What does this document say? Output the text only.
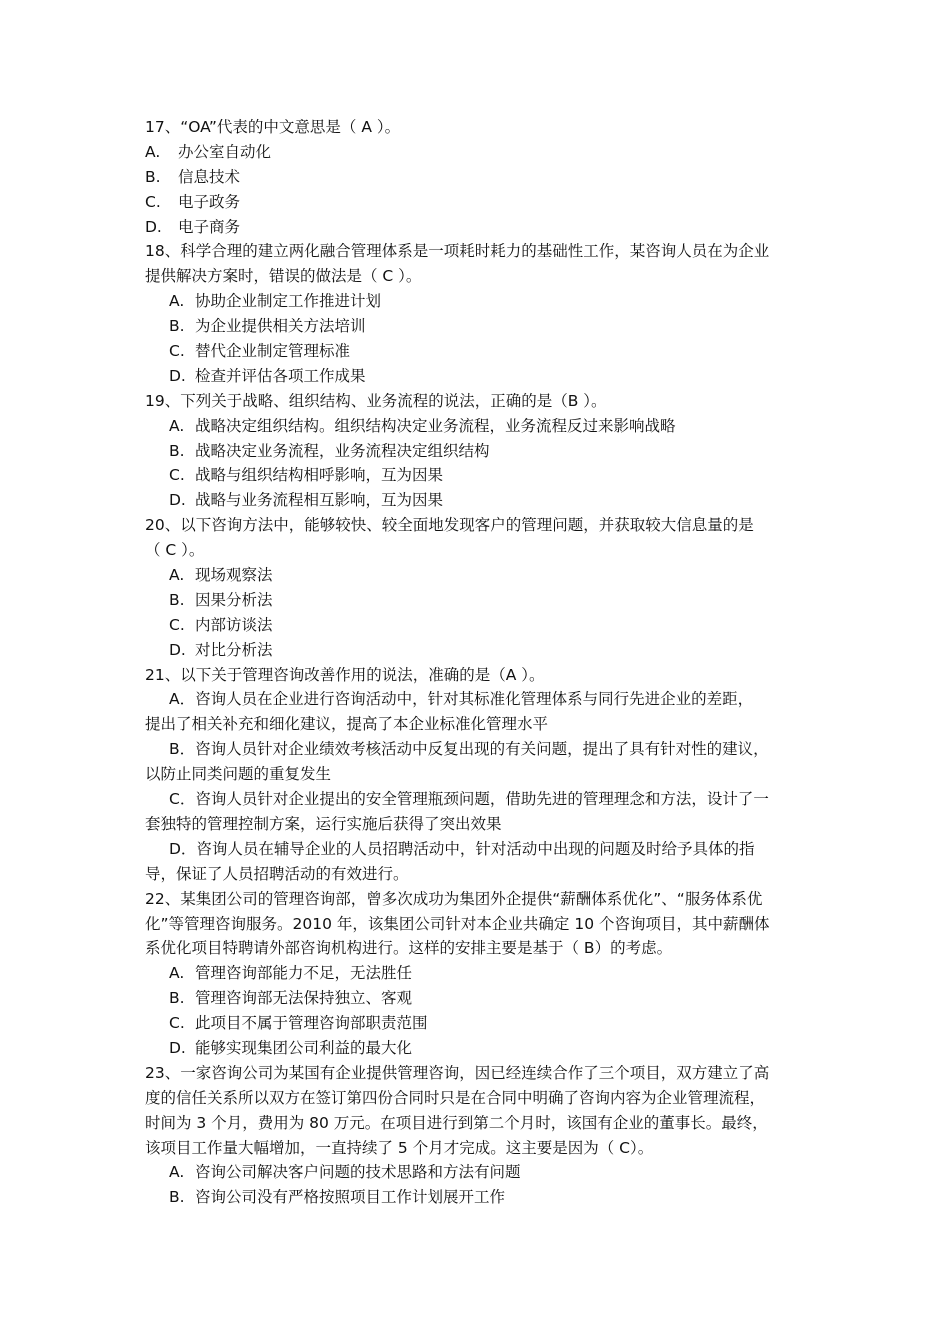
17、“OA”代表的中文意思是（ A ）。
A. 办公室自动化
B. 信息技术
C. 电子政务
D. 电子商务
18、科学合理的建立两化融合管理体系是一项耗时耗力的基础性工作，某咨询人员在为企业
提供解决方案时，错误的做法是（ C ）。
A. 协助企业制定工作推进计划
B. 为企业提供相关方法培训
C. 替代企业制定管理标准
D. 检查并评估各项工作成果
19、下列关于战略、组织结构、业务流程的说法，正确的是（B ）。
A. 战略决定组织结构。组织结构决定业务流程，业务流程反过来影响战略
B. 战略决定业务流程，业务流程决定组织结构
C. 战略与组织结构相呼影响，互为因果
D. 战略与业务流程相互影响，互为因果
20、以下咨询方法中，能够较快、较全面地发现客户的管理问题，并获取较大信息量的是
（ C ）。
A. 现场观察法
B. 因果分析法
C. 内部访谈法
D. 对比分析法
21、以下关于管理咨询改善作用的说法，准确的是（A ）。
A．咨询人员在企业进行咨询活动中，针对其标准化管理体系与同行先进企业的差距，
提出了相关补充和细化建议，提高了本企业标准化管理水平
B．咨询人员针对企业绩效考核活动中反复出现的有关问题，提出了具有针对性的建议，
以防止同类问题的重复发生
C．咨询人员针对企业提出的安全管理瓶颈问题，借助先进的管理理念和方法，设计了一
套独特的管理控制方案，运行实施后获得了突出效果
D．咨询人员在辅导企业的人员招聘活动中，针对活动中出现的问题及时给予具体的指
导，保证了人员招聘活动的有效进行。
22、某集团公司的管理咨询部，曾多次成功为集团外企提供“薪酬体系优化”、“服务体系优
化”等管理咨询服务。2010 年，该集团公司针对本企业共确定 10 个咨询项目，其中薪酬体
系优化项目特聘请外部咨询机构进行。这样的安排主要是基于（ B）的考虑。
A. 管理咨询部能力不足，无法胜任
B. 管理咨询部无法保持独立、客观
C. 此项目不属于管理咨询部职责范围
D. 能够实现集团公司利益的最大化
23、一家咨询公司为某国有企业提供管理咨询，因已经连续合作了三个项目，双方建立了高
度的信任关系所以双方在签订第四份合同时只是在合同中明确了咨询内容为企业管理流程，
时间为 3 个月，费用为 80 万元。在项目进行到第二个月时，该国有企业的董事长。最终，
该项目工作量大幅增加，一直持续了 5 个月才完成。这主要是因为（ C）。
A. 咨询公司解决客户问题的技术思路和方法有问题
B. 咨询公司没有严格按照项目工作计划展开工作
